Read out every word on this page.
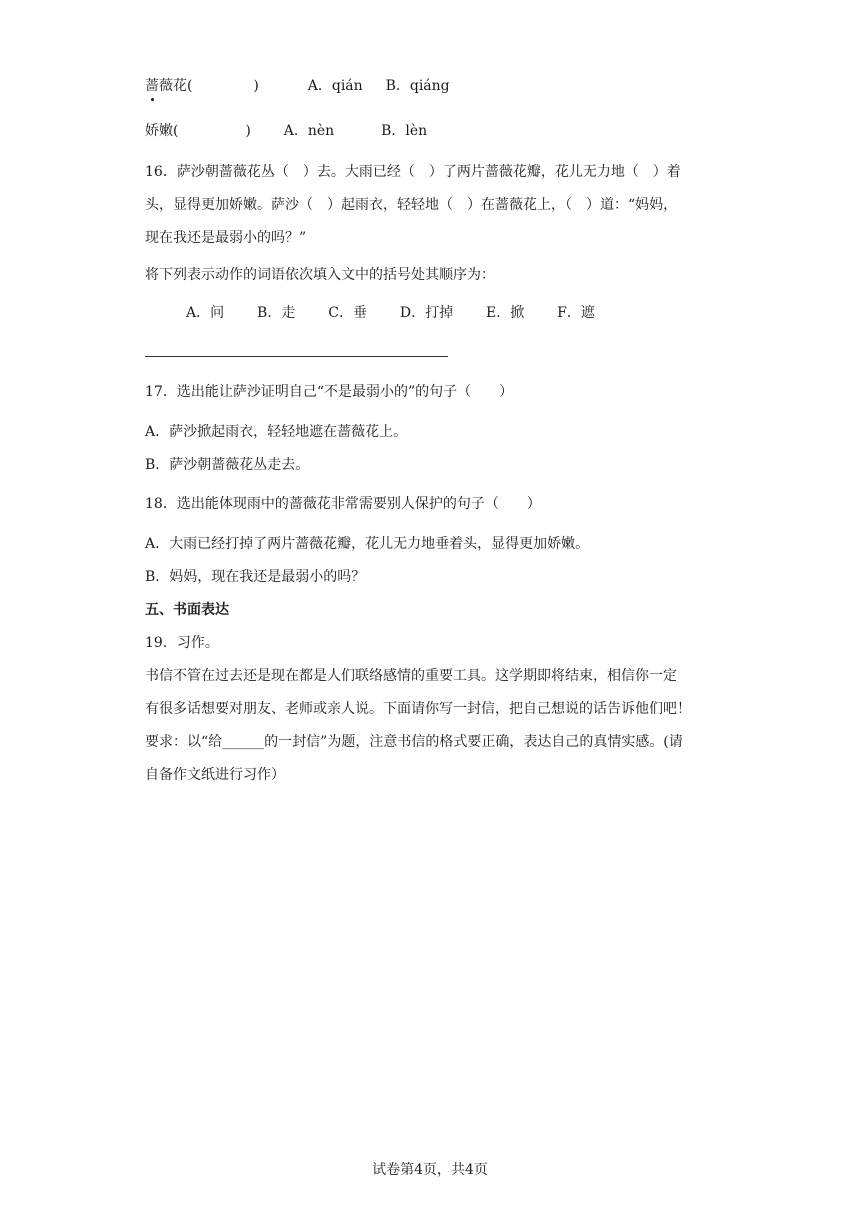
蔷薇花(	)	A．qián B．qiáng
娇嫩(	) A．nèn	B．lèn
16．萨沙朝蔷薇花丛（　）去。大雨已经（　）了两片蔷薇花瓣，花儿无力地（　）着
头，显得更加娇嫩。萨沙（　）起雨衣，轻轻地（　）在蔷薇花上，（　）道：“妈妈，
现在我还是最弱小的吗？”
将下列表示动作的词语依次填入文中的括号处其顺序为：
A．问 B．走 C．垂 D．打掉 E．掀 F．遮
17．选出能让萨沙证明自己“不是最弱小的”的句子（　　）
A．萨沙掀起雨衣，轻轻地遮在蔷薇花上。
B．萨沙朝蔷薇花丛走去。
18．选出能体现雨中的蔷薇花非常需要别人保护的句子（　　）
A．大雨已经打掉了两片蔷薇花瓣，花儿无力地垂着头，显得更加娇嫩。
B．妈妈，现在我还是最弱小的吗？
五、书面表达
19．习作。
书信不管在过去还是现在都是人们联络感情的重要工具。这学期即将结束，相信你一定
有很多话想要对朋友、老师或亲人说。下面请你写一封信，把自己想说的话告诉他们吧！
要求：以“给______的一封信”为题，注意书信的格式要正确，表达自己的真情实感。(请
自备作文纸进行习作）
试卷第4页，共4页
